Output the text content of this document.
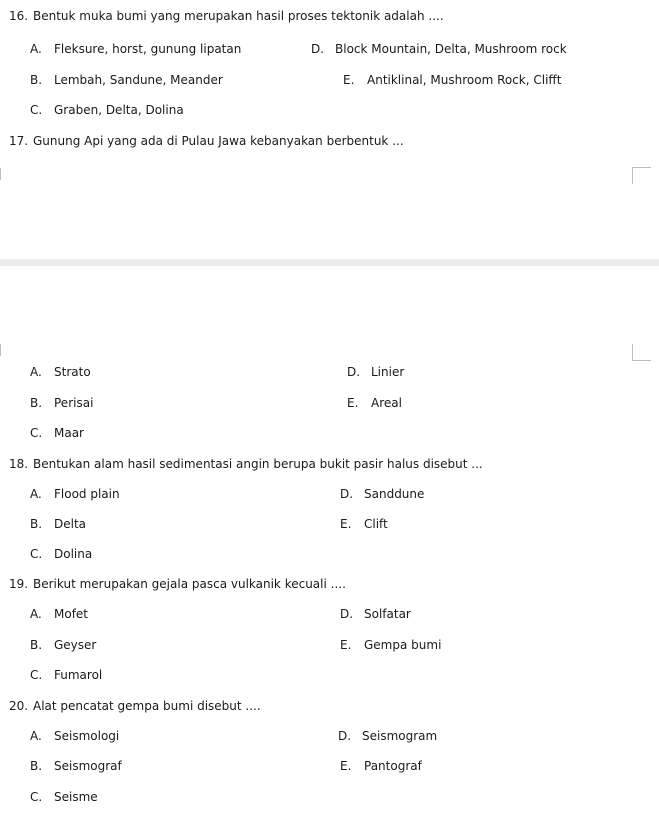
16. Bentuk muka bumi yang merupakan hasil proses tektonik adalah ....
A. Fleksure, horst, gunung lipatan	D. Block Mountain, Delta, Mushroom rock
B. Lembah, Sandune, Meander	E. Antiklinal, Mushroom Rock, Clifft
C. Graben, Delta, Dolina
17. Gunung Api yang ada di Pulau Jawa kebanyakan berbentuk ...
A. Strato	D. Linier
B. Perisai	E. Areal
C. Maar
18. Bentukan alam hasil sedimentasi angin berupa bukit pasir halus disebut ...
A. Flood plain	D. Sanddune
B. Delta	E. Clift
C. Dolina
19. Berikut merupakan gejala pasca vulkanik kecuali ....
A. Mofet	D. Solfatar
B. Geyser	E. Gempa bumi
C. Fumarol
20. Alat pencatat gempa bumi disebut ....
A. Seismologi	D. Seismogram
B. Seismograf	E. Pantograf
C. Seisme
